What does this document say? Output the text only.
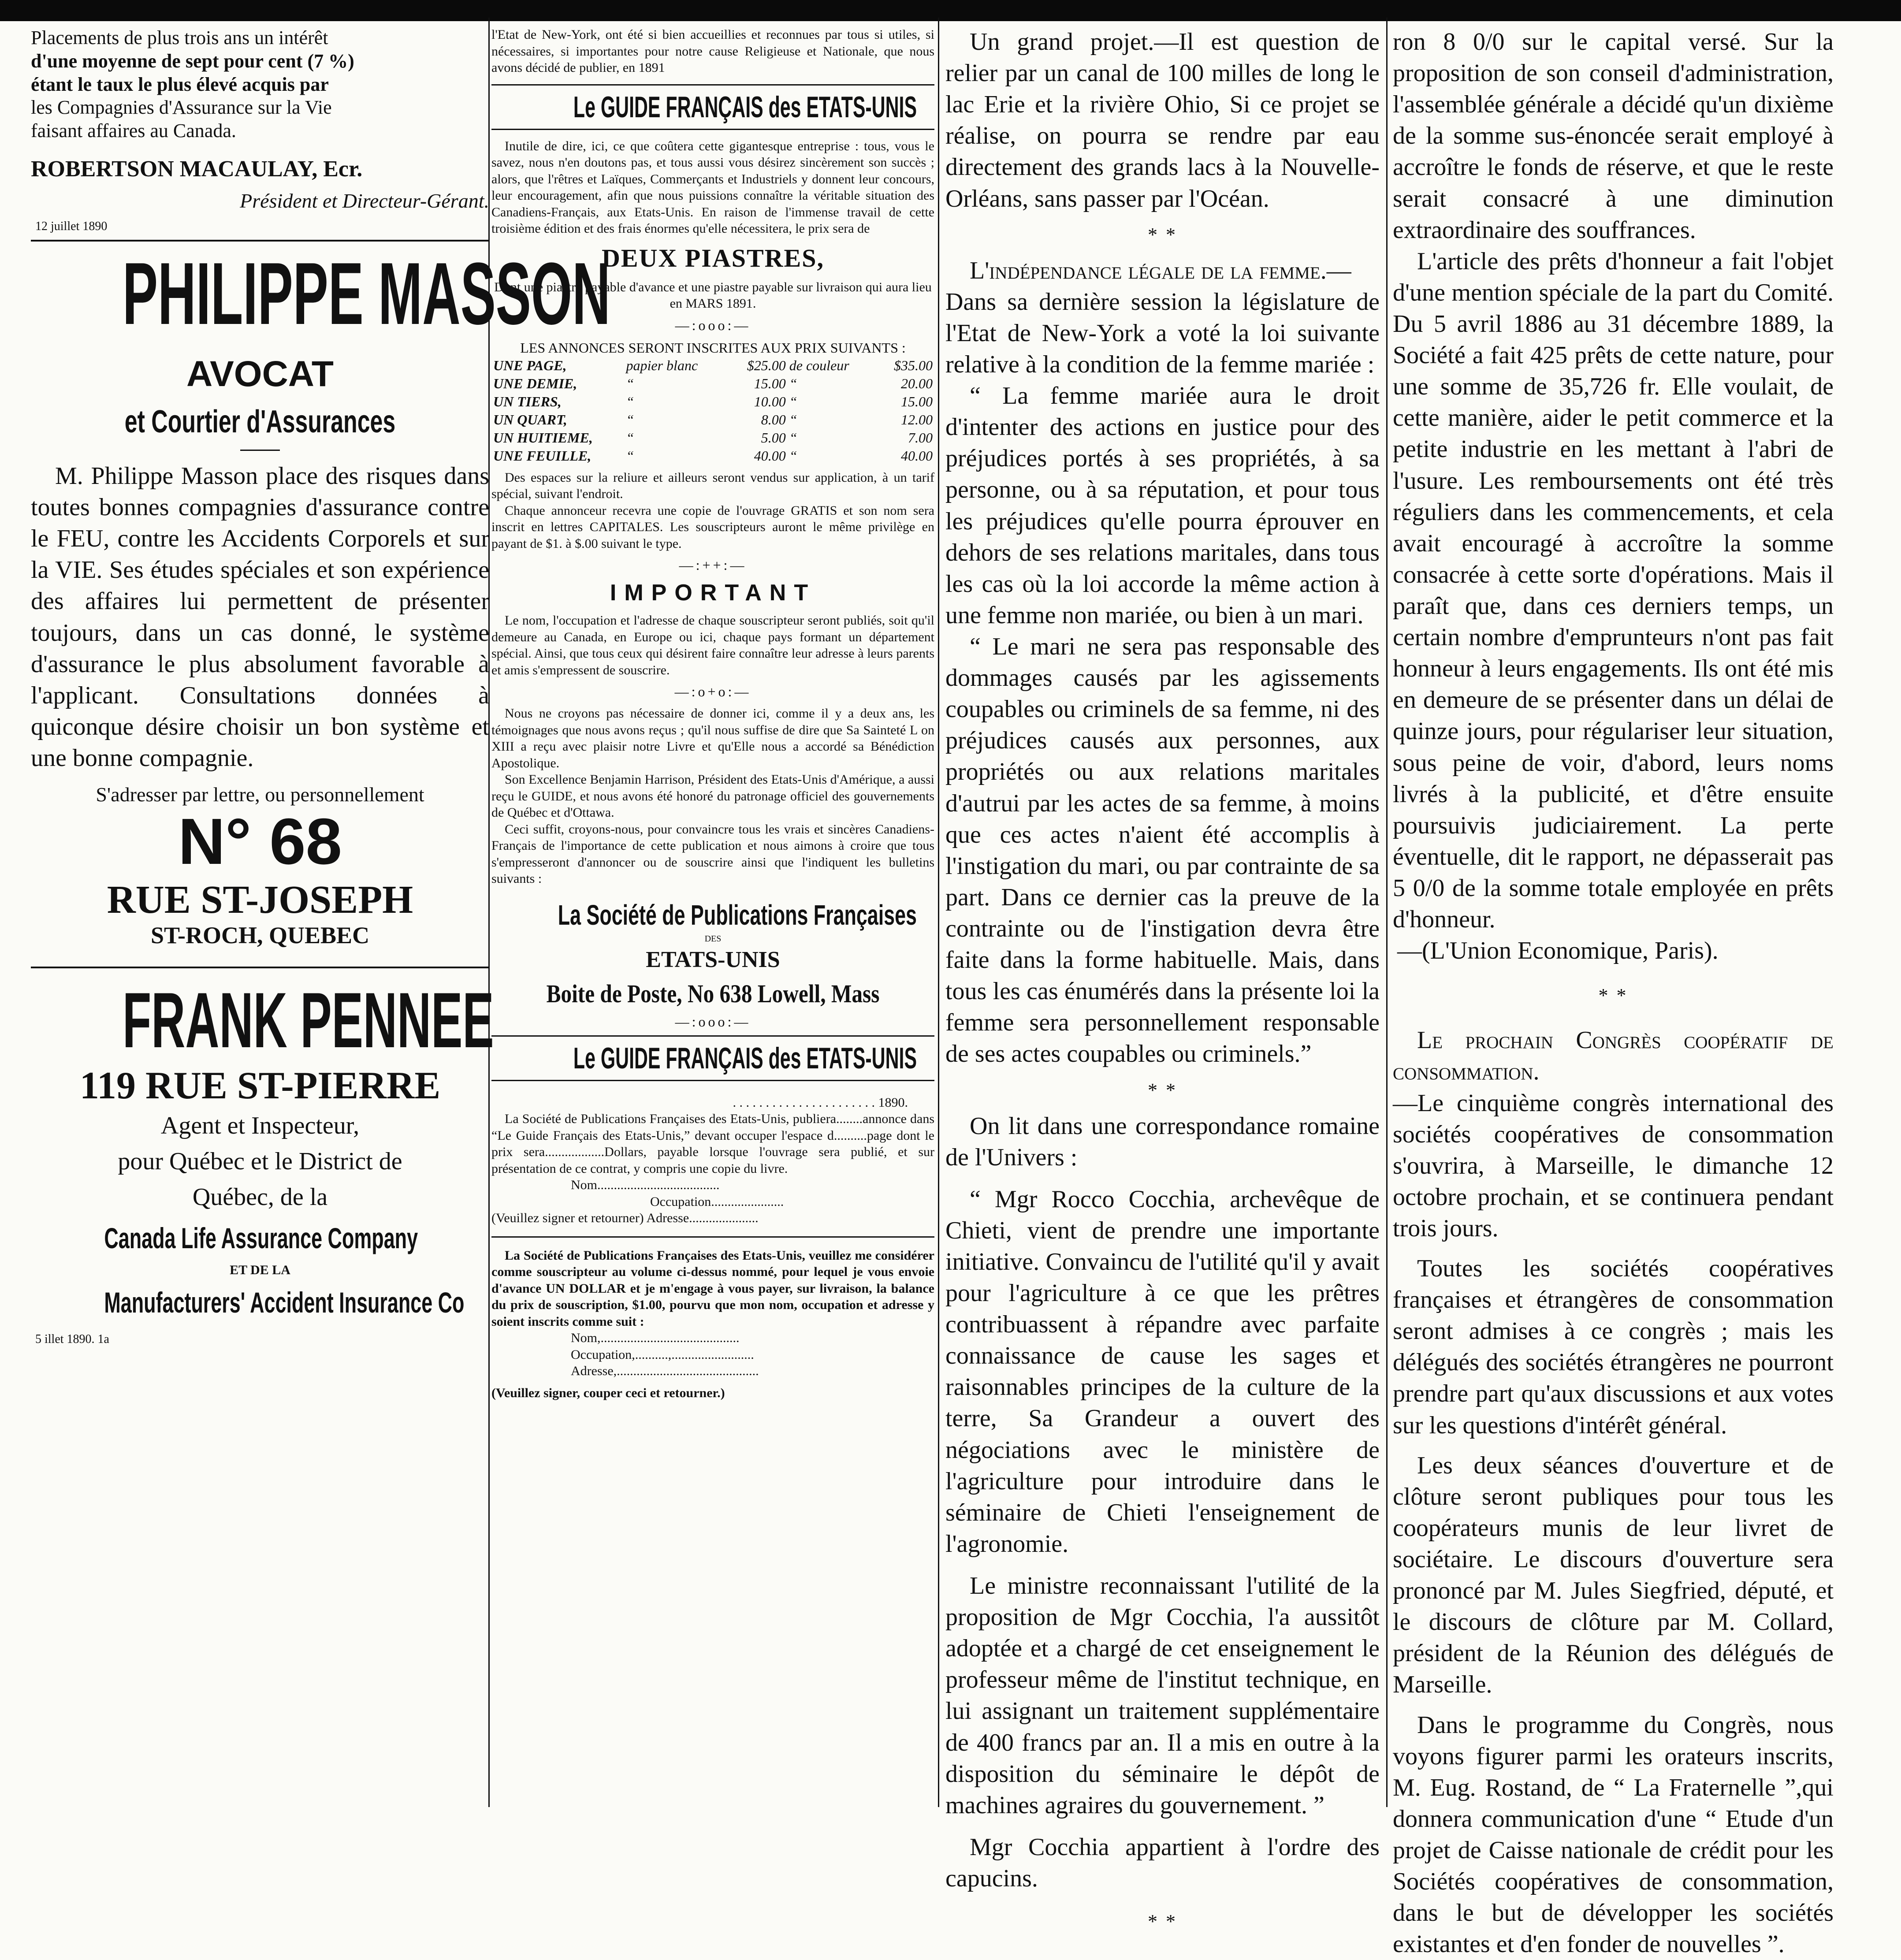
Placements de plus trois ans un intérêt

d'une moyenne de sept pour cent (7 %)

étant le taux le plus élevé acquis par

les Compagnies d'Assurance sur la Vie

faisant affaires au Canada.

ROBERTSON MACAULAY, Ecr.

Président et Directeur-Gérant.

12 juillet 1890

PHILIPPE MASSON

AVOCAT

et Courtier d'Assurances

M. Philippe Masson place des risques dans toutes bonnes compagnies d'assurance contre le FEU, contre les Accidents Corporels et sur la VIE. Ses études spéciales et son expérience des affaires lui permettent de présenter toujours, dans un cas donné, le système d'assurance le plus absolument favorable à l'applicant. Consultations données à quiconque désire choisir un bon système et une bonne compagnie.

S'adresser par lettre, ou personnellement

N° 68

RUE ST-JOSEPH

ST-ROCH, QUEBEC

FRANK PENNEE

119 RUE ST-PIERRE

Agent et Inspecteur,

pour Québec et le District de

Québec, de la

Canada Life Assurance Company

ET DE LA

Manufacturers' Accident Insurance Co

5 illet 1890. 1a

l'Etat de New-York, ont été si bien accueillies et reconnues par tous si utiles, si nécessaires, si importantes pour notre cause Religieuse et Nationale, que nous avons décidé de publier, en 1891

Le GUIDE FRANÇAIS des ETATS-UNIS

Inutile de dire, ici, ce que coûtera cette gigantesque entreprise : tous, vous le savez, nous n'en doutons pas, et tous aussi vous désirez sincèrement son succès ; alors, que l'rêtres et Laïques, Commerçants et Industriels y donnent leur concours, leur encouragement, afin que nous puissions connaître la véritable situation des Canadiens-Français, aux Etats-Unis. En raison de l'immense travail de cette troisième édition et des frais énormes qu'elle nécessitera, le prix sera de

DEUX PIASTRES,

Dont une piastre payable d'avance et une piastre payable sur livraison qui aura lieu en MARS 1891.

—:ooo:—

LES ANNONCES SERONT INSCRITES AUX PRIX SUIVANTS :

UNE PAGE,	papier blanc	$25.00	de couleur	$35.00
UNE DEMIE,	“	15.00	“	20.00
UN TIERS,	“	10.00	“	15.00
UN QUART,	“	8.00	“	12.00
UN HUITIEME,	“	5.00	“	7.00
UNE FEUILLE,	“	40.00	“	40.00

Des espaces sur la reliure et ailleurs seront vendus sur application, à un tarif spécial, suivant l'endroit.

Chaque annonceur recevra une copie de l'ouvrage GRATIS et son nom sera inscrit en lettres CAPITALES. Les souscripteurs auront le même privilège en payant de $1. à $.00 suivant le type.

—:++:—

IMPORTANT

Le nom, l'occupation et l'adresse de chaque souscripteur seront publiés, soit qu'il demeure au Canada, en Europe ou ici, chaque pays formant un département spécial. Ainsi, que tous ceux qui désirent faire connaître leur adresse à leurs parents et amis s'empressent de souscrire.

—:o+o:—

Nous ne croyons pas nécessaire de donner ici, comme il y a deux ans, les témoignages que nous avons reçus ; qu'il nous suffise de dire que Sa Sainteté L on XIII a reçu avec plaisir notre Livre et qu'Elle nous a accordé sa Bénédiction Apostolique.

Son Excellence Benjamin Harrison, Président des Etats-Unis d'Amérique, a aussi reçu le GUIDE, et nous avons été honoré du patronage officiel des gouvernements de Québec et d'Ottawa.

Ceci suffit, croyons-nous, pour convaincre tous les vrais et sincères Canadiens-Français de l'importance de cette publication et nous aimons à croire que tous s'empresseront d'annoncer ou de souscrire ainsi que l'indiquent les bulletins suivants :

La Société de Publications Françaises

DES

ETATS-UNIS

Boite de Poste, No 638 Lowell, Mass

—:ooo:—

Le GUIDE FRANÇAIS des ETATS-UNIS

. . . . . . . . . . . . . . . . . . . . . . 1890.

La Société de Publications Françaises des Etats-Unis, publiera........annonce dans “Le Guide Français des Etats-Unis,” devant occuper l'espace d..........page dont le prix sera..................Dollars, payable lorsque l'ouvrage sera publié, et sur présentation de ce contrat, y compris une copie du livre.

Nom.....................................

Occupation......................

(Veuillez signer et retourner) Adresse.....................

La Société de Publications Françaises des Etats-Unis, veuillez me considérer comme souscripteur au volume ci-dessus nommé, pour lequel je vous envoie d'avance UN DOLLAR et je m'engage à vous payer, sur livraison, la balance du prix de souscription, $1.00, pourvu que mon nom, occupation et adresse y soient inscrits comme suit :

Nom,..........................................

Occupation,..........,.........................

Adresse,...........................................

(Veuillez signer, couper ceci et retourner.)

Un grand projet.—Il est question de relier par un canal de 100 milles de long le lac Erie et la rivière Ohio, Si ce projet se réalise, on pourra se rendre par eau directement des grands lacs à la Nouvelle-Orléans, sans passer par l'Océan.

* *

L'indépendance légale de la femme.—

Dans sa dernière session la législature de l'Etat de New-York a voté la loi suivante relative à la condition de la femme mariée :

“ La femme mariée aura le droit d'intenter des actions en justice pour des préjudices portés à ses propriétés, à sa personne, ou à sa réputation, et pour tous les préjudices qu'elle pourra éprouver en dehors de ses relations maritales, dans tous les cas où la loi accorde la même action à une femme non mariée, ou bien à un mari.

“ Le mari ne sera pas responsable des dommages causés par les agissements coupables ou criminels de sa femme, ni des préjudices causés aux personnes, aux propriétés ou aux relations maritales d'autrui par les actes de sa femme, à moins que ces actes n'aient été accomplis à l'instigation du mari, ou par contrainte de sa part. Dans ce dernier cas la preuve de la contrainte ou de l'instigation devra être faite dans la forme habituelle. Mais, dans tous les cas énumérés dans la présente loi la femme sera personnellement responsable de ses actes coupables ou criminels.”

* *

On lit dans une correspondance romaine de l'Univers :

“ Mgr Rocco Cocchia, archevêque de Chieti, vient de prendre une importante initiative. Convaincu de l'utilité qu'il y avait pour l'agriculture à ce que les prêtres contribuassent à répandre avec parfaite connaissance de cause les sages et raisonnables principes de la culture de la terre, Sa Grandeur a ouvert des négociations avec le ministère de l'agriculture pour introduire dans le séminaire de Chieti l'enseignement de l'agronomie.

Le ministre reconnaissant l'utilité de la proposition de Mgr Cocchia, l'a aussitôt adoptée et a chargé de cet enseignement le professeur même de l'institut technique, en lui assignant un traitement supplémentaire de 400 francs par an. Il a mis en outre à la disposition du séminaire le dépôt de machines agraires du gouvernement. ”

Mgr Cocchia appartient à l'ordre des capucins.

* *

ron 8 0/0 sur le capital versé. Sur la proposition de son conseil d'administration, l'assemblée générale a décidé qu'un dixième de la somme sus-énoncée serait employé à accroître le fonds de réserve, et que le reste serait consacré à une diminution extraordinaire des souffrances.

L'article des prêts d'honneur a fait l'objet d'une mention spéciale de la part du Comité. Du 5 avril 1886 au 31 décembre 1889, la Société a fait 425 prêts de cette nature, pour une somme de 35,726 fr. Elle voulait, de cette manière, aider le petit commerce et la petite industrie en les mettant à l'abri de l'usure. Les remboursements ont été très réguliers dans les commencements, et cela avait encouragé à accroître la somme consacrée à cette sorte d'opérations. Mais il paraît que, dans ces derniers temps, un certain nombre d'emprunteurs n'ont pas fait honneur à leurs engagements. Ils ont été mis en demeure de se présenter dans un délai de quinze jours, pour régulariser leur situation, sous peine de voir, d'abord, leurs noms livrés à la publicité, et d'être ensuite poursuivis judiciairement. La perte éventuelle, dit le rapport, ne dépasserait pas 5 0/0 de la somme totale employée en prêts d'honneur.

—(L'Union Economique, Paris).

* *

Le prochain Congrès coopératif de consommation.

—Le cinquième congrès international des sociétés coopératives de consommation s'ouvrira, à Marseille, le dimanche 12 octobre prochain, et se continuera pendant trois jours.

Toutes les sociétés coopératives françaises et étrangères de consommation seront admises à ce congrès ; mais les délégués des sociétés étrangères ne pourront prendre part qu'aux discussions et aux votes sur les questions d'intérêt général.

Les deux séances d'ouverture et de clôture seront publiques pour tous les coopérateurs munis de leur livret de sociétaire. Le discours d'ouverture sera prononcé par M. Jules Siegfried, député, et le discours de clôture par M. Collard, président de la Réunion des délégués de Marseille.

Dans le programme du Congrès, nous voyons figurer parmi les orateurs inscrits, M. Eug. Rostand, de “ La Fraternelle ”,qui donnera communication d'une “ Etude d'un projet de Caisse nationale de crédit pour les Sociétés coopératives de consommation, dans le but de développer les sociétés existantes et d'en fonder de nouvelles ”.
